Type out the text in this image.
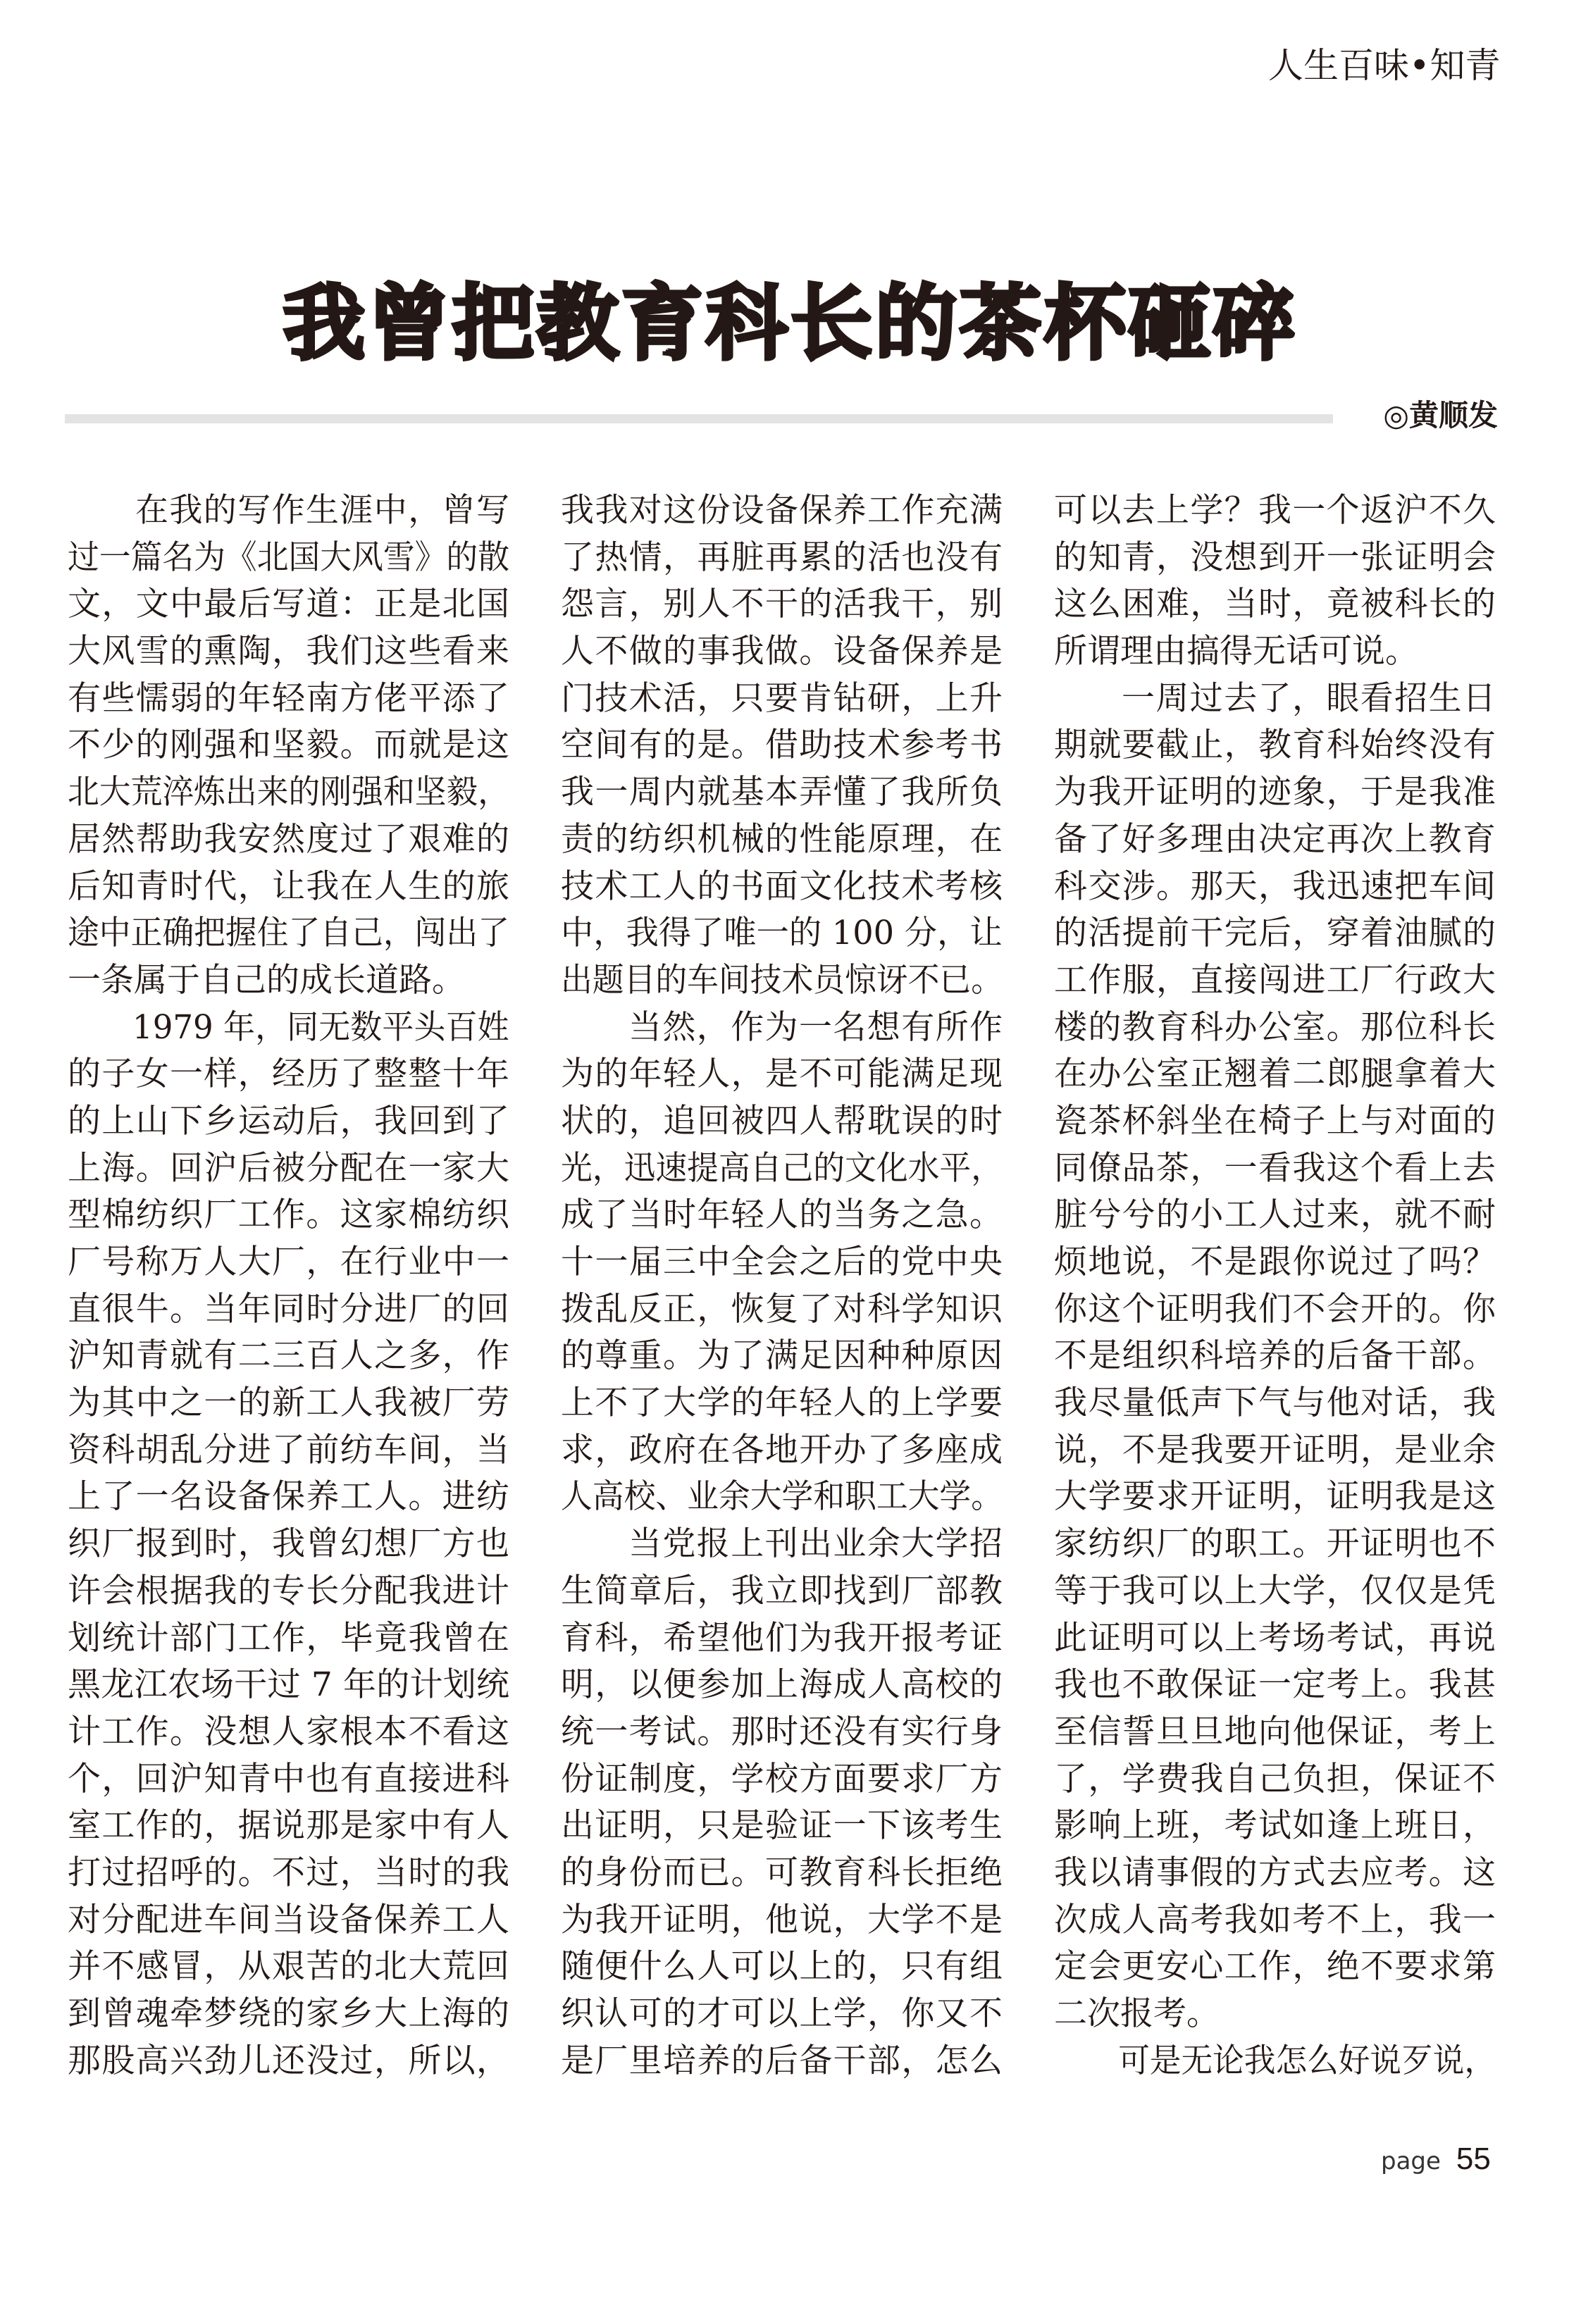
人生百味•知青
我曾把教育科长的茶杯砸碎
◎黄顺发
在我的写作生涯中，曾写
过一篇名为《北国大风雪》的散
文，文中最后写道：正是北国
大风雪的熏陶，我们这些看来
有些懦弱的年轻南方佬平添了
不少的刚强和坚毅。而就是这
北大荒淬炼出来的刚强和坚毅，
居然帮助我安然度过了艰难的
后知青时代，让我在人生的旅
途中正确把握住了自己，闯出了
一条属于自己的成长道路。
1979 年，同无数平头百姓
的子女一样，经历了整整十年
的上山下乡运动后，我回到了
上海。回沪后被分配在一家大
型棉纺织厂工作。这家棉纺织
厂号称万人大厂，在行业中一
直很牛。当年同时分进厂的回
沪知青就有二三百人之多，作
为其中之一的新工人我被厂劳
资科胡乱分进了前纺车间，当
上了一名设备保养工人。进纺
织厂报到时，我曾幻想厂方也
许会根据我的专长分配我进计
划统计部门工作，毕竟我曾在
黑龙江农场干过 7 年的计划统
计工作。没想人家根本不看这
个，回沪知青中也有直接进科
室工作的，据说那是家中有人
打过招呼的。不过，当时的我
对分配进车间当设备保养工人
并不感冒，从艰苦的北大荒回
到曾魂牵梦绕的家乡大上海的
那股高兴劲儿还没过，所以，
我我对这份设备保养工作充满
了热情，再脏再累的活也没有
怨言，别人不干的活我干，别
人不做的事我做。设备保养是
门技术活，只要肯钻研，上升
空间有的是。借助技术参考书
我一周内就基本弄懂了我所负
责的纺织机械的性能原理，在
技术工人的书面文化技术考核
中，我得了唯一的 100 分，让
出题目的车间技术员惊讶不已。
当然，作为一名想有所作
为的年轻人，是不可能满足现
状的，追回被四人帮耽误的时
光，迅速提高自己的文化水平，
成了当时年轻人的当务之急。
十一届三中全会之后的党中央
拨乱反正，恢复了对科学知识
的尊重。为了满足因种种原因
上不了大学的年轻人的上学要
求，政府在各地开办了多座成
人高校、业余大学和职工大学。
当党报上刊出业余大学招
生简章后，我立即找到厂部教
育科，希望他们为我开报考证
明，以便参加上海成人高校的
统一考试。那时还没有实行身
份证制度，学校方面要求厂方
出证明，只是验证一下该考生
的身份而已。可教育科长拒绝
为我开证明，他说，大学不是
随便什么人可以上的，只有组
织认可的才可以上学，你又不
是厂里培养的后备干部，怎么
可以去上学？我一个返沪不久
的知青，没想到开一张证明会
这么困难，当时，竟被科长的
所谓理由搞得无话可说。
一周过去了，眼看招生日
期就要截止，教育科始终没有
为我开证明的迹象，于是我准
备了好多理由决定再次上教育
科交涉。那天，我迅速把车间
的活提前干完后，穿着油腻的
工作服，直接闯进工厂行政大
楼的教育科办公室。那位科长
在办公室正翘着二郎腿拿着大
瓷茶杯斜坐在椅子上与对面的
同僚品茶，一看我这个看上去
脏兮兮的小工人过来，就不耐
烦地说，不是跟你说过了吗？
你这个证明我们不会开的。你
不是组织科培养的后备干部。
我尽量低声下气与他对话，我
说，不是我要开证明，是业余
大学要求开证明，证明我是这
家纺织厂的职工。开证明也不
等于我可以上大学，仅仅是凭
此证明可以上考场考试，再说
我也不敢保证一定考上。我甚
至信誓旦旦地向他保证，考上
了，学费我自己负担，保证不
影响上班，考试如逢上班日，
我以请事假的方式去应考。这
次成人高考我如考不上，我一
定会更安心工作，绝不要求第
二次报考。
可是无论我怎么好说歹说，
page 55
